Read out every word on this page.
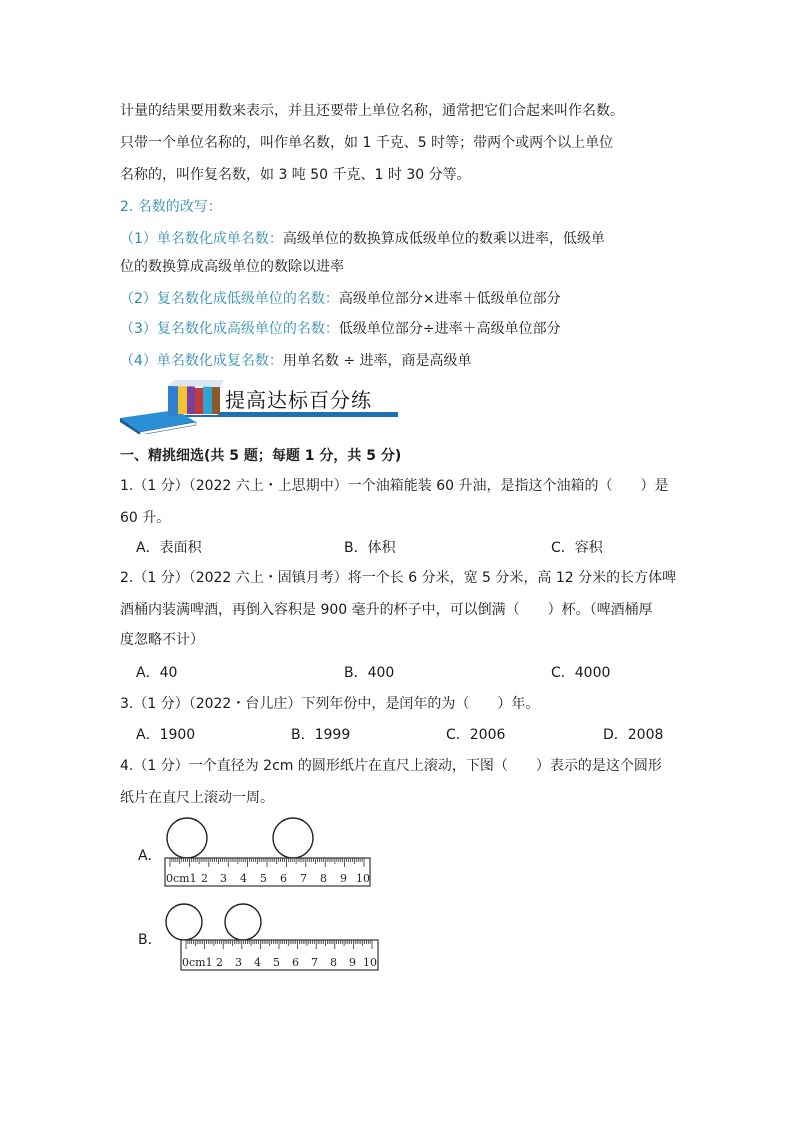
计量的结果要用数来表示，并且还要带上单位名称，通常把它们合起来叫作名数。
只带一个单位名称的，叫作单名数，如 1 千克、5 时等；带两个或两个以上单位
名称的，叫作复名数，如 3 吨 50 千克、1 时 30 分等。
2. 名数的改写：
（1）单名数化成单名数：高级单位的数换算成低级单位的数乘以进率，低级单
位的数换算成高级单位的数除以进率
（2）复名数化成低级单位的名数：高级单位部分×进率＋低级单位部分
（3）复名数化成高级单位的名数：低级单位部分÷进率＋高级单位部分
（4）单名数化成复名数：用单名数 ÷ 进率，商是高级单
提高达标百分练
一、精挑细选(共 5 题；每题 1 分，共 5 分)
1.（1 分）（2022 六上・上思期中）一个油箱能装 60 升油，是指这个油箱的（　　）是
60 升。
A．表面积	B．体积	C．容积
2.（1 分）（2022 六上・固镇月考）将一个长 6 分米，宽 5 分米，高 12 分米的长方体啤
酒桶内装满啤酒，再倒入容积是 900 毫升的杯子中，可以倒满（　　）杯。（啤酒桶厚
度忽略不计）
A．40	B．400	C．4000
3.（1 分）（2022・台儿庄）下列年份中，是闰年的为（　　）年。
A．1900	B．1999	C．2006	D．2008
4.（1 分）一个直径为 2cm 的圆形纸片在直尺上滚动，下图（　　）表示的是这个圆形
纸片在直尺上滚动一周。
A．
0cm1 2 3 4 5 6 7 8 9 10
B．
0cm1 2 3 4 5 6 7 8 9 10
